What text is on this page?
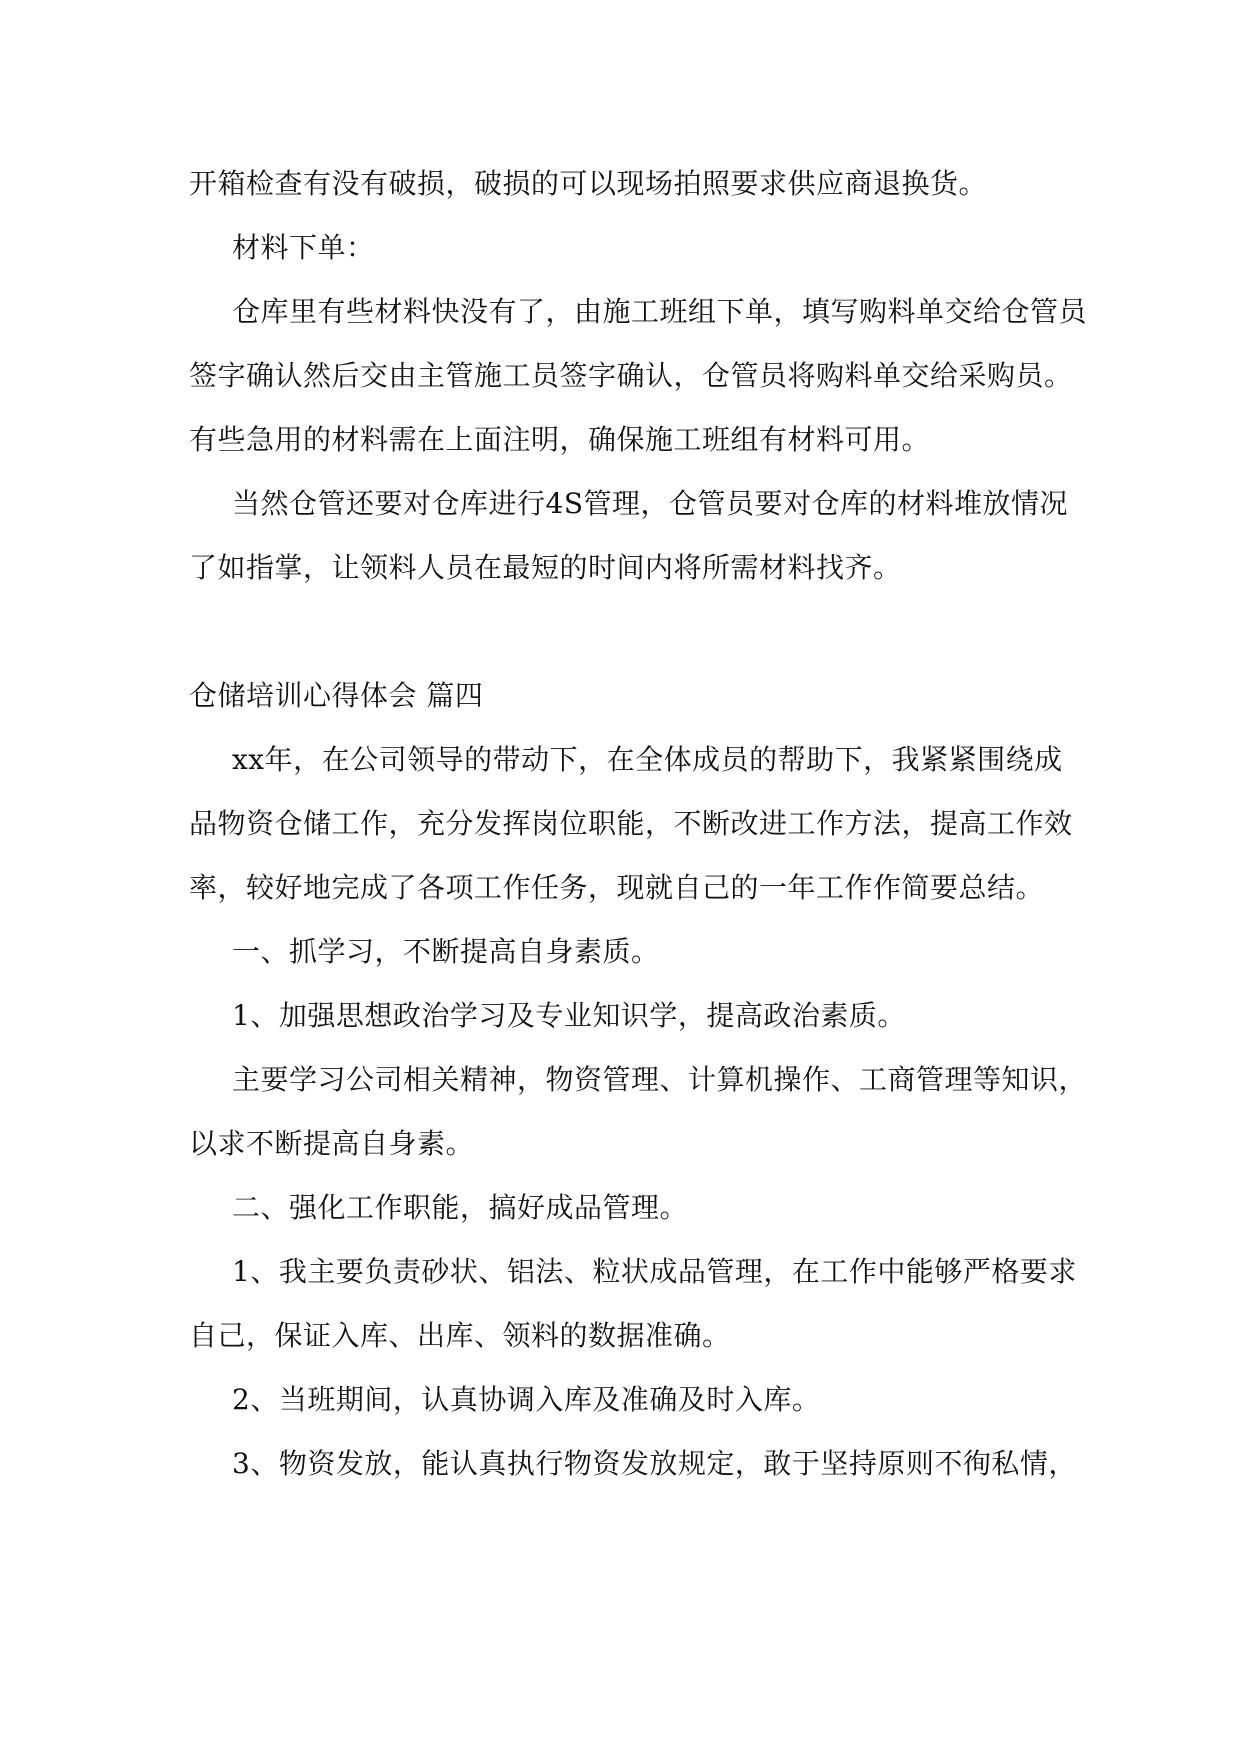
开箱检查有没有破损，破损的可以现场拍照要求供应商退换货。

材料下单：

仓库里有些材料快没有了，由施工班组下单，填写购料单交给仓管员签字确认然后交由主管施工员签字确认，仓管员将购料单交给采购员。有些急用的材料需在上面注明，确保施工班组有材料可用。

当然仓管还要对仓库进行4S管理，仓管员要对仓库的材料堆放情况了如指掌，让领料人员在最短的时间内将所需材料找齐。

仓储培训心得体会 篇四

xx年，在公司领导的带动下，在全体成员的帮助下，我紧紧围绕成品物资仓储工作，充分发挥岗位职能，不断改进工作方法，提高工作效率，较好地完成了各项工作任务，现就自己的一年工作作简要总结。

一、抓学习，不断提高自身素质。

1、加强思想政治学习及专业知识学，提高政治素质。

主要学习公司相关精神，物资管理、计算机操作、工商管理等知识，以求不断提高自身素。

二、强化工作职能，搞好成品管理。

1、我主要负责砂状、铝法、粒状成品管理，在工作中能够严格要求自己，保证入库、出库、领料的数据准确。

2、当班期间，认真协调入库及准确及时入库。

3、物资发放，能认真执行物资发放规定，敢于坚持原则不徇私情，
